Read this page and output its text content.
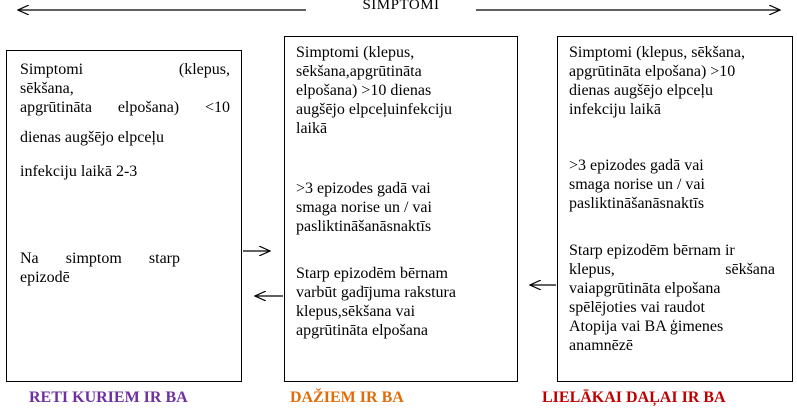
SIMPTOMI
Simptomi (klepus,
sēkšana,
apgrūtināta elpošana) <10
dienas augšējo elpceļu
infekciju laikā 2-3
Na simptom starp
epizodē
Simptomi (klepus,
sēkšana,apgrūtināta
elpošana) >10 dienas
augšējo elpceļuinfekciju
laikā
>3 epizodes gadā vai
smaga norise un / vai
pasliktināšanāsnaktīs
Starp epizodēm bērnam
varbūt gadījuma rakstura
klepus,sēkšana vai
apgrūtināta elpošana
Simptomi (klepus, sēkšana,
apgrūtināta elpošana) >10
dienas augšējo elpceļu
infekciju laikā
>3 epizodes gadā vai
smaga norise un / vai
pasliktināšanāsnaktīs
Starp epizodēm bērnam ir
klepus, sēkšana
vaiapgrūtināta elpošana
spēlējoties vai raudot
Atopija vai BA ģimenes
anamnēzē
RETI KURIEM IR BA	DAŽIEM IR BA	LIELĀKAI DAĻAI IR BA
